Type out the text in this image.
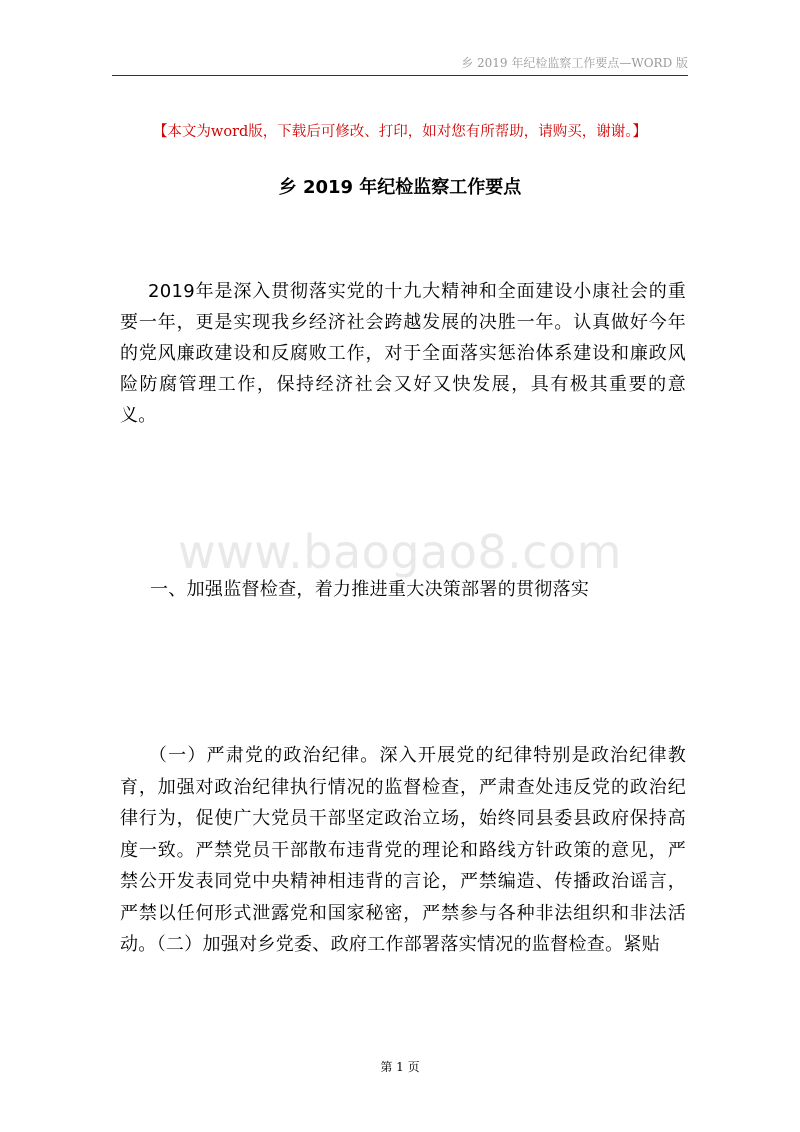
乡 2019 年纪检监察工作要点—WORD 版
【本文为word版，下载后可修改、打印，如对您有所帮助，请购买，谢谢。】
乡 2019 年纪检监察工作要点
2019年是深入贯彻落实党的十九大精神和全面建设小康社会的重要一年，更是实现我乡经济社会跨越发展的决胜一年。认真做好今年的党风廉政建设和反腐败工作，对于全面落实惩治体系建设和廉政风险防腐管理工作，保持经济社会又好又快发展，具有极其重要的意义。
www.baogao8.com
一、加强监督检查，着力推进重大决策部署的贯彻落实
（一）严肃党的政治纪律。深入开展党的纪律特别是政治纪律教育，加强对政治纪律执行情况的监督检查，严肃查处违反党的政治纪律行为，促使广大党员干部坚定政治立场，始终同县委县政府保持高度一致。严禁党员干部散布违背党的理论和路线方针政策的意见，严禁公开发表同党中央精神相违背的言论，严禁编造、传播政治谣言，严禁以任何形式泄露党和国家秘密，严禁参与各种非法组织和非法活动。（二）加强对乡党委、政府工作部署落实情况的监督检查。紧贴
第 1 页
